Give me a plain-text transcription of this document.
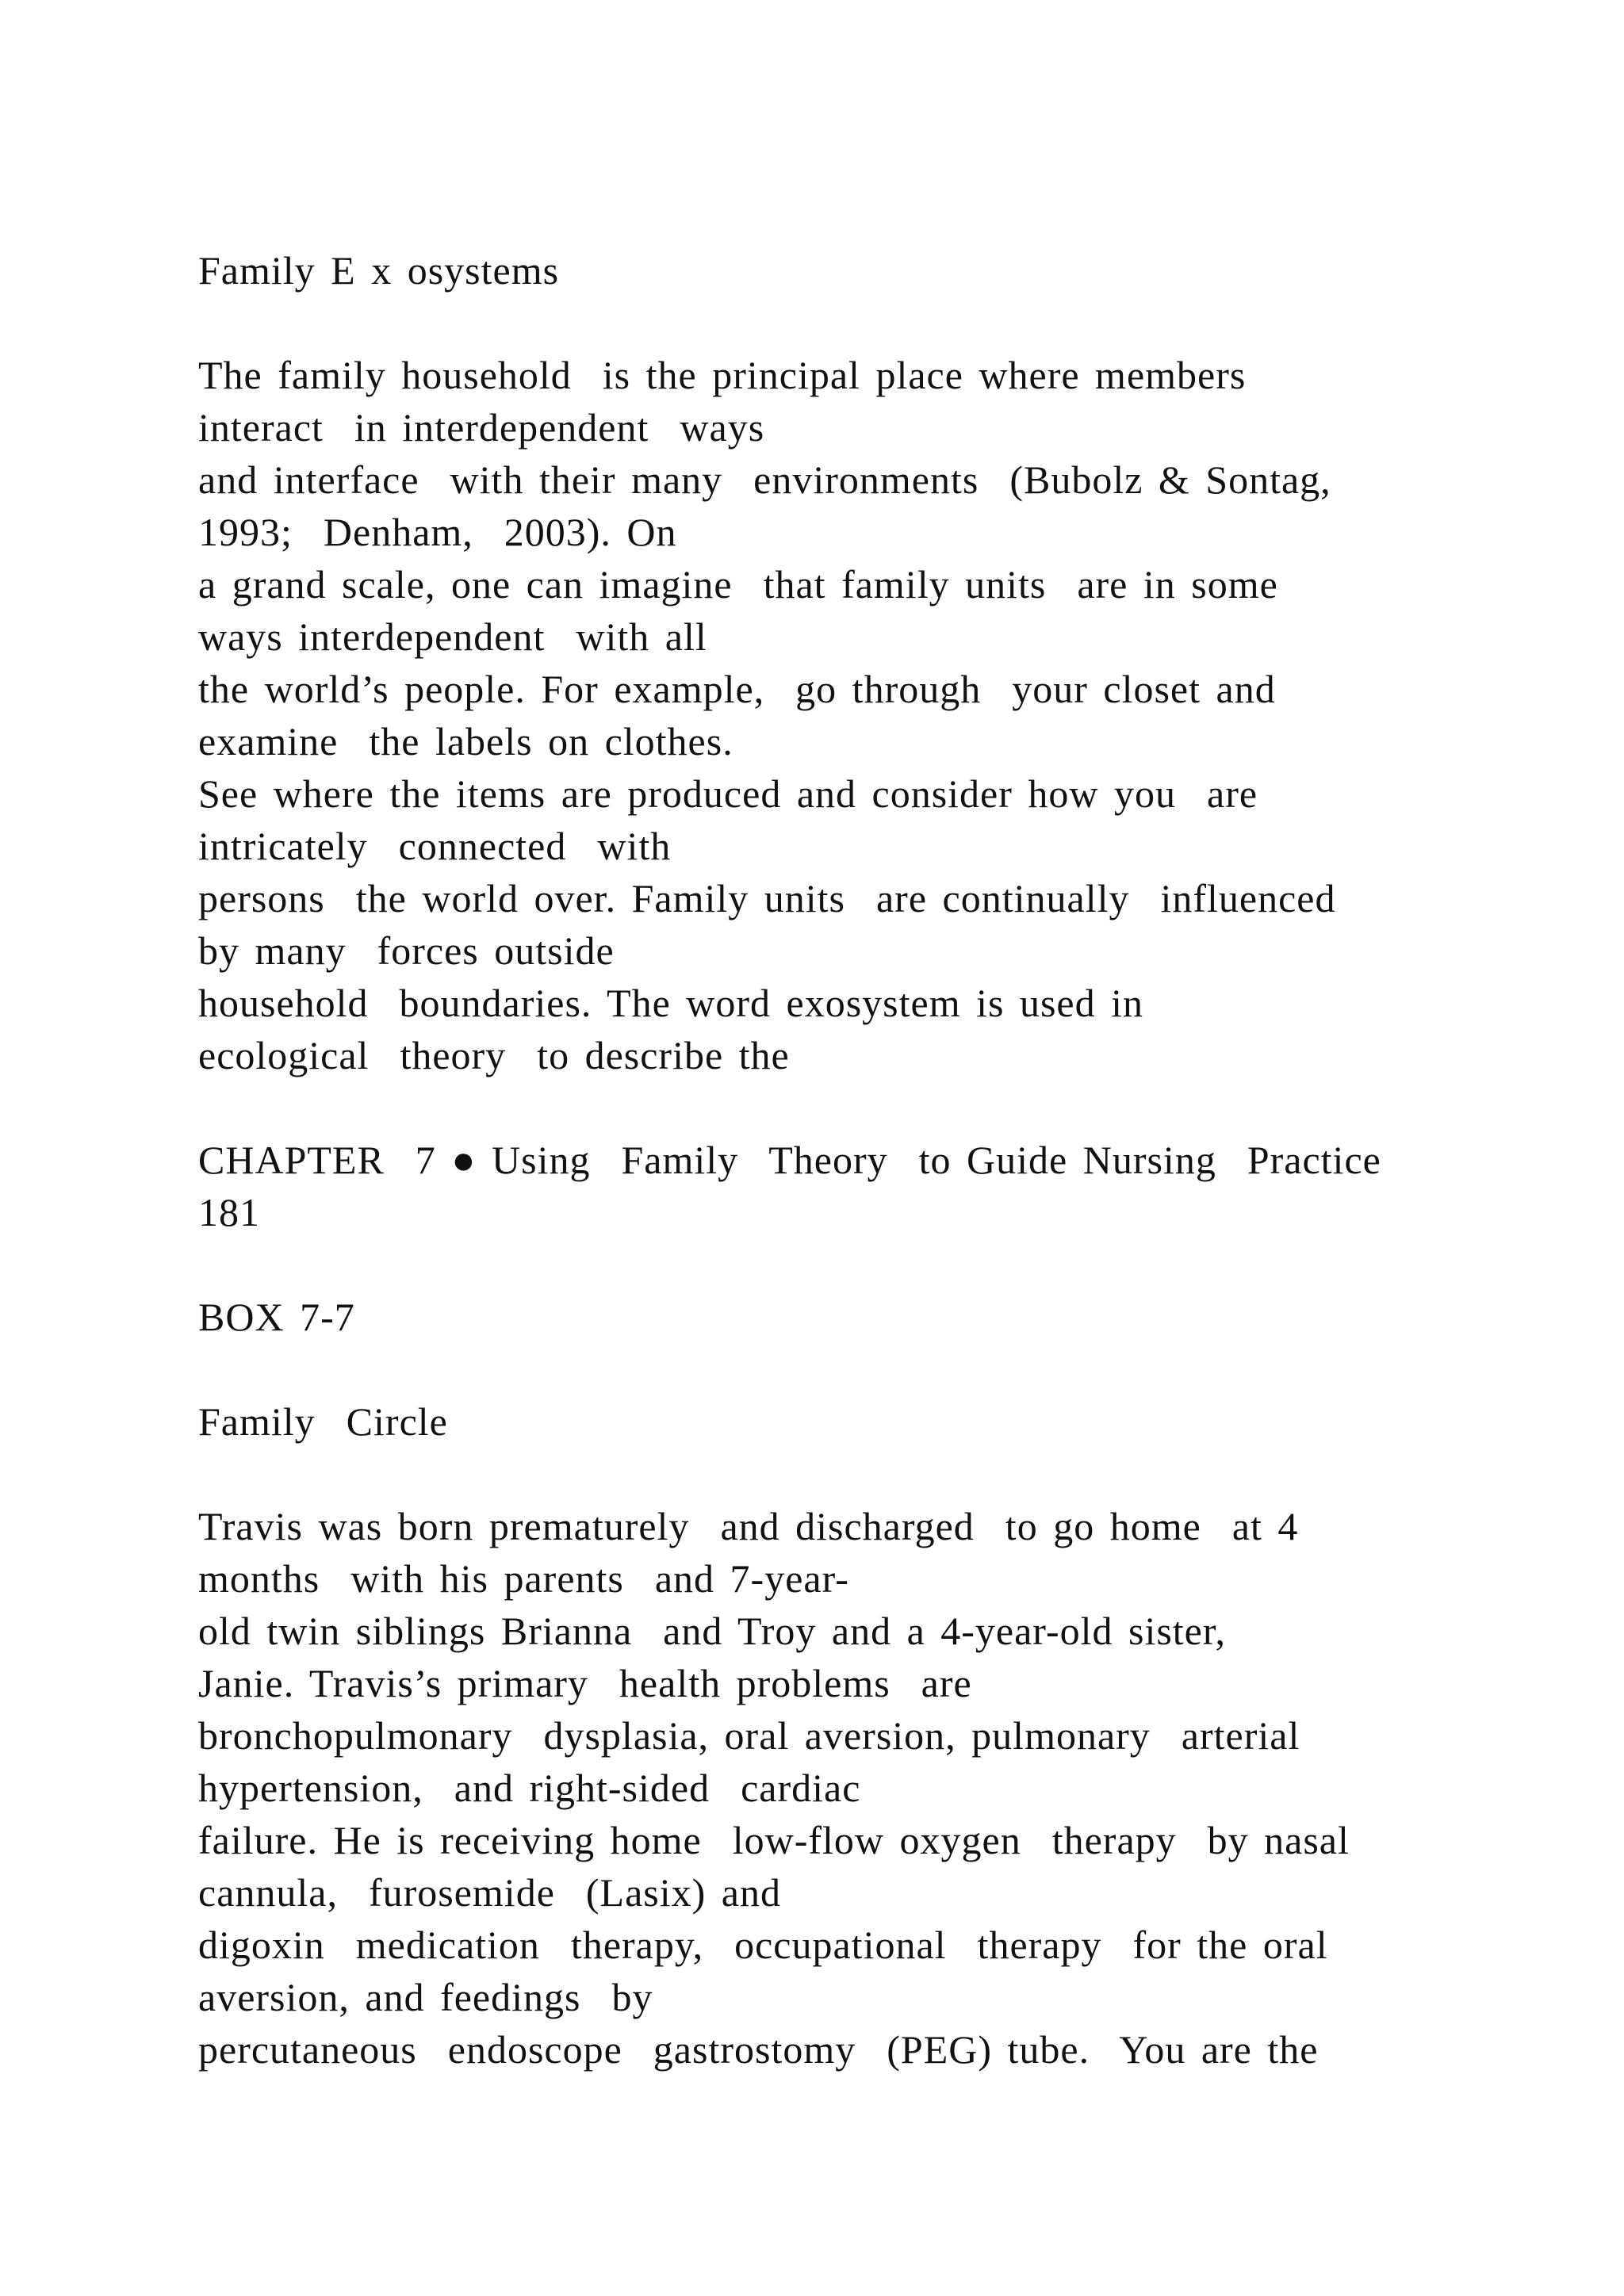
Family E x osystems
The family household  is the principal place where members
interact  in interdependent  ways
and interface  with their many  environments  (Bubolz & Sontag,
1993;  Denham,  2003). On
a grand scale, one can imagine  that family units  are in some
ways interdependent  with all
the world’s people. For example,  go through  your closet and
examine  the labels on clothes.
See where the items are produced and consider how you  are
intricately  connected  with
persons  the world over. Family units  are continually  influenced
by many  forces outside
household  boundaries. The word exosystem is used in
ecological  theory  to describe the
CHAPTER  7 ● Using  Family  Theory  to Guide Nursing  Practice
181
BOX 7-7
Family  Circle
Travis was born prematurely  and discharged  to go home  at 4
months  with his parents  and 7-year-
old twin siblings Brianna  and Troy and a 4-year-old sister,
Janie. Travis’s primary  health problems  are
bronchopulmonary  dysplasia, oral aversion, pulmonary  arterial
hypertension,  and right-sided  cardiac
failure. He is receiving home  low-flow oxygen  therapy  by nasal
cannula,  furosemide  (Lasix) and
digoxin  medication  therapy,  occupational  therapy  for the oral
aversion, and feedings  by
percutaneous  endoscope  gastrostomy  (PEG) tube.  You are the
